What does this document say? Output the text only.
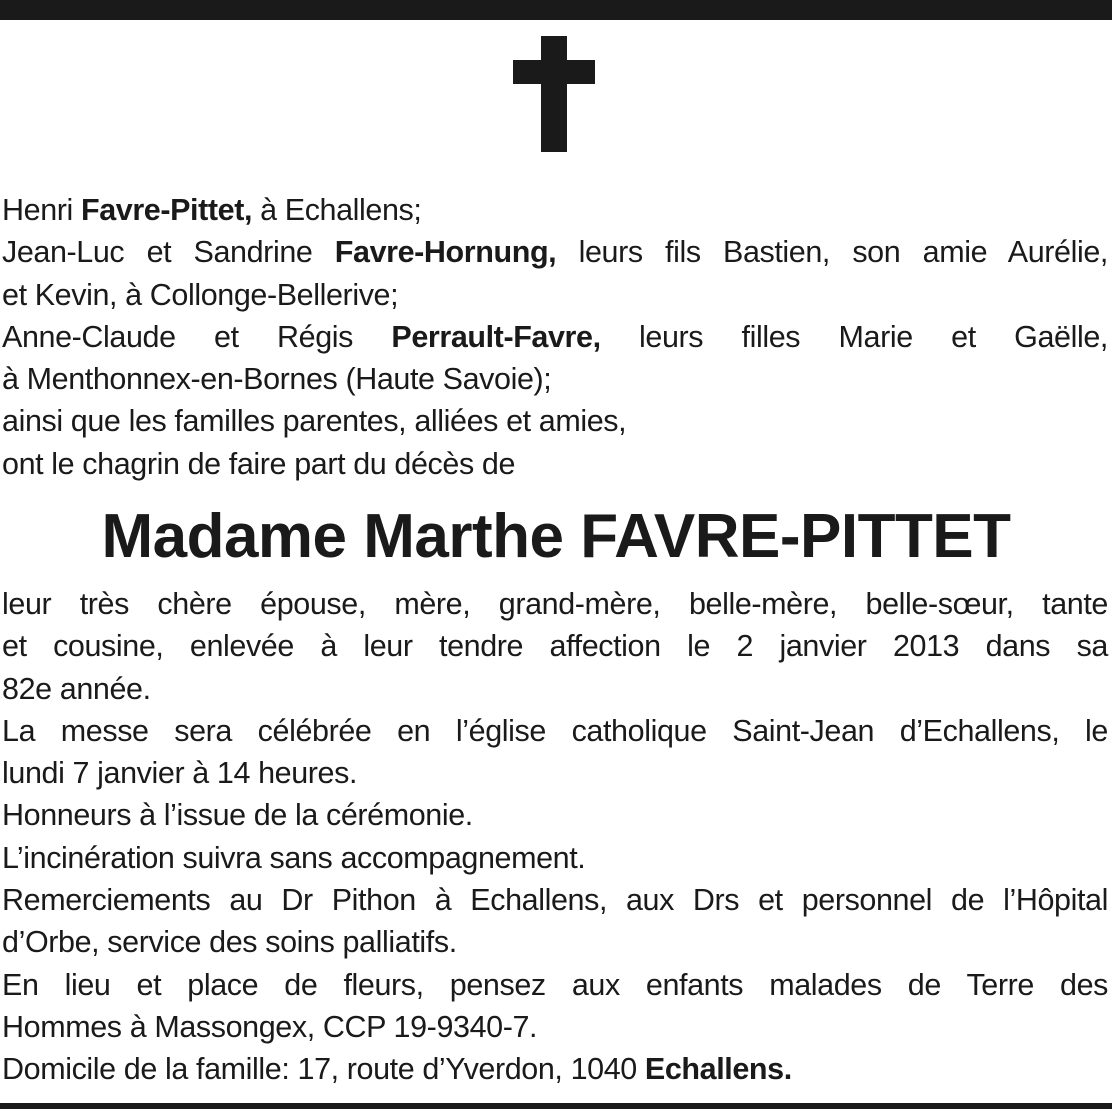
Henri Favre-Pittet, à Echallens;
Jean-Luc et Sandrine Favre-Hornung, leurs fils Bastien, son amie Aurélie,
et Kevin, à Collonge-Bellerive;
Anne-Claude et Régis Perrault-Favre, leurs filles Marie et Gaëlle,
à Menthonnex-en-Bornes (Haute Savoie);
ainsi que les familles parentes, alliées et amies,
ont le chagrin de faire part du décès de
Madame Marthe FAVRE-PITTET
leur très chère épouse, mère, grand-mère, belle-mère, belle-sœur, tante
et cousine, enlevée à leur tendre affection le 2 janvier 2013 dans sa
82e année.
La messe sera célébrée en l’église catholique Saint-Jean d’Echallens, le
lundi 7 janvier à 14 heures.
Honneurs à l’issue de la cérémonie.
L’incinération suivra sans accompagnement.
Remerciements au Dr Pithon à Echallens, aux Drs et personnel de l’Hôpital
d’Orbe, service des soins palliatifs.
En lieu et place de fleurs, pensez aux enfants malades de Terre des
Hommes à Massongex, CCP 19-9340-7.
Domicile de la famille: 17, route d’Yverdon, 1040 Echallens.
